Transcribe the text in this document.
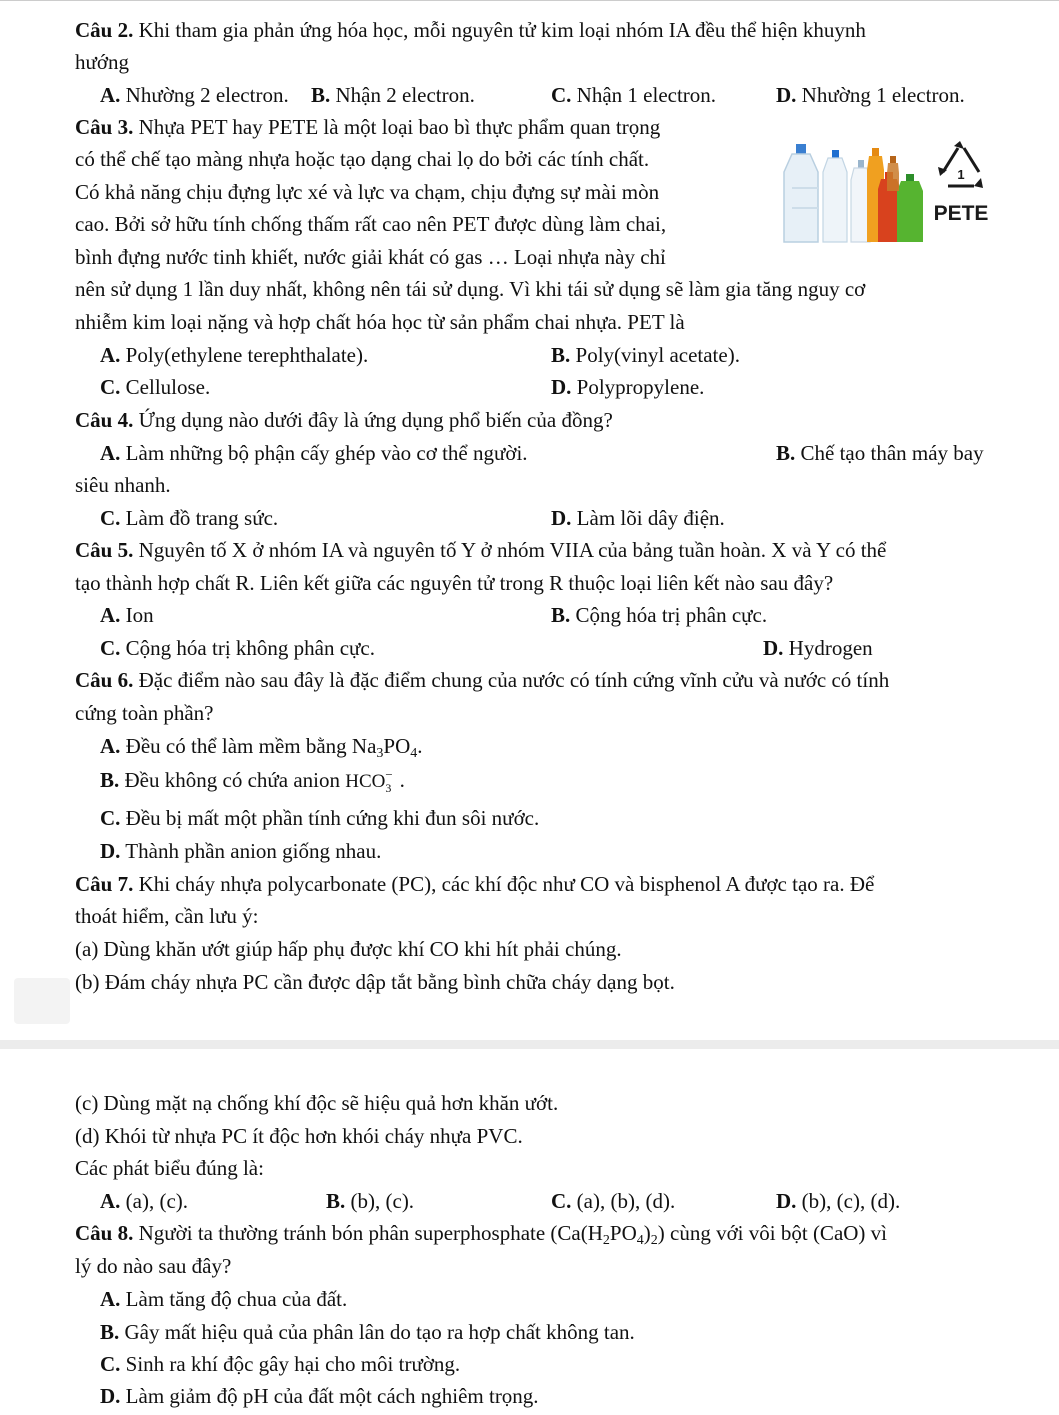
Câu 2. Khi tham gia phản ứng hóa học, mỗi nguyên tử kim loại nhóm IA đều thể hiện khuynh
hướng
A. Nhường 2 electron. B. Nhận 2 electron.	C. Nhận 1 electron.	D. Nhường 1 electron.
Câu 3. Nhựa PET hay PETE là một loại bao bì thực phẩm quan trọng
có thể chế tạo màng nhựa hoặc tạo dạng chai lọ do bởi các tính chất.
Có khả năng chịu đựng lực xé và lực va chạm, chịu đựng sự mài mòn
cao. Bởi sở hữu tính chống thấm rất cao nên PET được dùng làm chai,
bình đựng nước tinh khiết, nước giải khát có gas … Loại nhựa này chỉ
nên sử dụng 1 lần duy nhất, không nên tái sử dụng. Vì khi tái sử dụng sẽ làm gia tăng nguy cơ
nhiễm kim loại nặng và hợp chất hóa học từ sản phẩm chai nhựa. PET là
1
PETE
A. Poly(ethylene terephthalate).	B. Poly(vinyl acetate).
C. Cellulose.	D. Polypropylene.
Câu 4. Ứng dụng nào dưới đây là ứng dụng phổ biến của đồng?
A. Làm những bộ phận cấy ghép vào cơ thể người.	B. Chế tạo thân máy bay
siêu nhanh.
C. Làm đồ trang sức.	D. Làm lõi dây điện.
Câu 5. Nguyên tố X ở nhóm IA và nguyên tố Y ở nhóm VIIA của bảng tuần hoàn. X và Y có thể
tạo thành hợp chất R. Liên kết giữa các nguyên tử trong R thuộc loại liên kết nào sau đây?
A. Ion	B. Cộng hóa trị phân cực.
C. Cộng hóa trị không phân cực.	D. Hydrogen
Câu 6. Đặc điểm nào sau đây là đặc điểm chung của nước có tính cứng vĩnh cửu và nước có tính
cứng toàn phần?
A. Đều có thể làm mềm bằng $Na_3PO_4$.
B. Đều không có chứa anion HCO −
3 .
C. Đều bị mất một phần tính cứng khi đun sôi nước.
D. Thành phần anion giống nhau.
Câu 7. Khi cháy nhựa polycarbonate (PC), các khí độc như CO và bisphenol A được tạo ra. Để
thoát hiểm, cần lưu ý:
(a) Dùng khăn ướt giúp hấp phụ được khí CO khi hít phải chúng.
(b) Đám cháy nhựa PC cần được dập tắt bằng bình chữa cháy dạng bọt.
(c) Dùng mặt nạ chống khí độc sẽ hiệu quả hơn khăn ướt.
(d) Khói từ nhựa PC ít độc hơn khói cháy nhựa PVC.
Các phát biểu đúng là:
A. (a), (c).	B. (b), (c).	C. (a), (b), (d).	D. (b), (c), (d).
Câu 8. Người ta thường tránh bón phân superphosphate $(Ca(H_2PO_4)_2)$ cùng với vôi bột (CaO) vì
lý do nào sau đây?
A. Làm tăng độ chua của đất.
B. Gây mất hiệu quả của phân lân do tạo ra hợp chất không tan.
C. Sinh ra khí độc gây hại cho môi trường.
D. Làm giảm độ pH của đất một cách nghiêm trọng.
